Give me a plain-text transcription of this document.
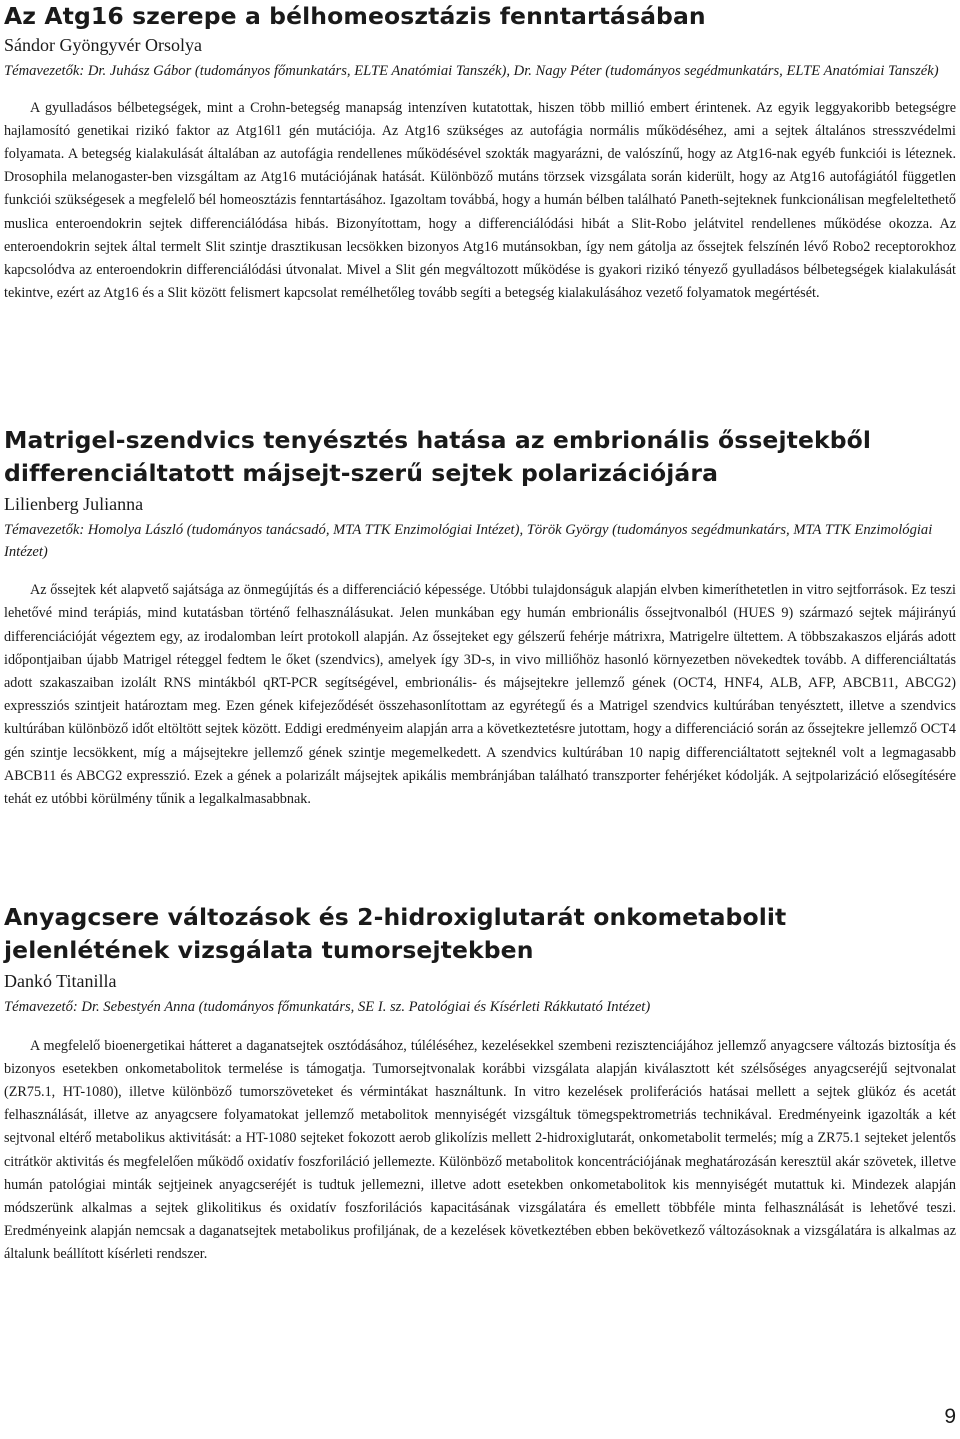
Az Atg16 szerepe a bélhomeosztázis fenntartásában

Sándor Gyöngyvér Orsolya

Témavezetők: Dr. Juhász Gábor (tudományos főmunkatárs, ELTE Anatómiai Tanszék), Dr. Nagy Péter (tudományos segédmunkatárs, ELTE Anatómiai Tanszék)

A gyulladásos bélbetegségek, mint a Crohn-betegség manapság intenzíven kutatottak, hiszen több millió embert érintenek. Az egyik leggyakoribb betegségre hajlamosító genetikai rizikó faktor az Atg16l1 gén mutációja. Az Atg16 szükséges az autofágia normális működéséhez, ami a sejtek általános stresszvédelmi folyamata. A betegség kialakulását általában az autofágia rendellenes működésével szokták magyarázni, de valószínű, hogy az Atg16-nak egyéb funkciói is léteznek. Drosophila melanogaster-ben vizsgáltam az Atg16 mutációjának hatását. Különböző mutáns törzsek vizsgálata során kiderült, hogy az Atg16 autofágiától független funkciói szükségesek a megfelelő bél homeosztázis fenntartásához. Igazoltam továbbá, hogy a humán bélben található Paneth-sejteknek funkcionálisan megfeleltethető muslica enteroendokrin sejtek differenciálódása hibás. Bizonyítottam, hogy a differenciálódási hibát a Slit-Robo jelátvitel rendellenes működése okozza. Az enteroendokrin sejtek által termelt Slit szintje drasztikusan lecsökken bizonyos Atg16 mutánsokban, így nem gátolja az őssejtek felszínén lévő Robo2 receptorokhoz kapcsolódva az enteroendokrin differenciálódási útvonalat. Mivel a Slit gén megváltozott működése is gyakori rizikó tényező gyulladásos bélbetegségek kialakulását tekintve, ezért az Atg16 és a Slit között felismert kapcsolat remélhetőleg tovább segíti a betegség kialakulásához vezető folyamatok megértését.

Matrigel-szendvics tenyésztés hatása az embrionális őssejtekből differenciáltatott májsejt-szerű sejtek polarizációjára

Lilienberg Julianna

Témavezetők: Homolya László (tudományos tanácsadó, MTA TTK Enzimológiai Intézet), Török György (tudományos segédmunkatárs, MTA TTK Enzimológiai Intézet)

Az őssejtek két alapvető sajátsága az önmegújítás és a differenciáció képessége. Utóbbi tulajdonságuk alapján elvben kimeríthetetlen in vitro sejtforrások. Ez teszi lehetővé mind terápiás, mind kutatásban történő felhasználásukat. Jelen munkában egy humán embrionális őssejtvonalból (HUES 9) származó sejtek májirányú differenciációját végeztem egy, az irodalomban leírt protokoll alapján. Az őssejteket egy gélszerű fehérje mátrixra, Matrigelre ültettem. A többszakaszos eljárás adott időpontjaiban újabb Matrigel réteggel fedtem le őket (szendvics), amelyek így 3D-s, in vivo milliőhöz hasonló környezetben növekedtek tovább. A differenciáltatás adott szakaszaiban izolált RNS mintákból qRT-PCR segítségével, embrionális- és májsejtekre jellemző gének (OCT4, HNF4, ALB, AFP, ABCB11, ABCG2) expressziós szintjeit határoztam meg. Ezen gének kifejeződését összehasonlítottam az egyrétegű és a Matrigel szendvics kultúrában tenyésztett, illetve a szendvics kultúrában különböző időt eltöltött sejtek között. Eddigi eredményeim alapján arra a következtetésre jutottam, hogy a differenciáció során az őssejtekre jellemző OCT4 gén szintje lecsökkent, míg a májsejtekre jellemző gének szintje megemelkedett. A szendvics kultúrában 10 napig differenciáltatott sejteknél volt a legmagasabb ABCB11 és ABCG2 expresszió. Ezek a gének a polarizált májsejtek apikális membránjában található transzporter fehérjéket kódolják. A sejtpolarizáció elősegítésére tehát ez utóbbi körülmény tűnik a legalkalmasabbnak.

Anyagcsere változások és 2-hidroxiglutarát onkometabolit jelenlétének vizsgálata tumorsejtekben

Dankó Titanilla

Témavezető: Dr. Sebestyén Anna (tudományos főmunkatárs, SE I. sz. Patológiai és Kísérleti Rákkutató Intézet)

A megfelelő bioenergetikai hátteret a daganatsejtek osztódásához, túléléséhez, kezelésekkel szembeni rezisztenciájához jellemző anyagcsere változás biztosítja és bizonyos esetekben onkometabolitok termelése is támogatja. Tumorsejtvonalak korábbi vizsgálata alapján kiválasztott két szélsőséges anyagcseréjű sejtvonalat (ZR75.1, HT-1080), illetve különböző tumorszöveteket és vérmintákat használtunk. In vitro kezelések proliferációs hatásai mellett a sejtek glükóz és acetát felhasználását, illetve az anyagcsere folyamatokat jellemző metabolitok mennyiségét vizsgáltuk tömegspektrometriás technikával. Eredményeink igazolták a két sejtvonal eltérő metabolikus aktivitását: a HT-1080 sejteket fokozott aerob glikolízis mellett 2-hidroxiglutarát, onkometabolit termelés; míg a ZR75.1 sejteket jelentős citrátkör aktivitás és megfelelően működő oxidatív foszforiláció jellemezte. Különböző metabolitok koncentrációjának meghatározásán keresztül akár szövetek, illetve humán patológiai minták sejtjeinek anyagcseréjét is tudtuk jellemezni, illetve adott esetekben onkometabolitok kis mennyiségét mutattuk ki. Mindezek alapján módszerünk alkalmas a sejtek glikolitikus és oxidatív foszforilációs kapacitásának vizsgálatára és emellett többféle minta felhasználását is lehetővé teszi. Eredményeink alapján nemcsak a daganatsejtek metabolikus profiljának, de a kezelések következtében ebben bekövetkező változásoknak a vizsgálatára is alkalmas az általunk beállított kísérleti rendszer.

9
